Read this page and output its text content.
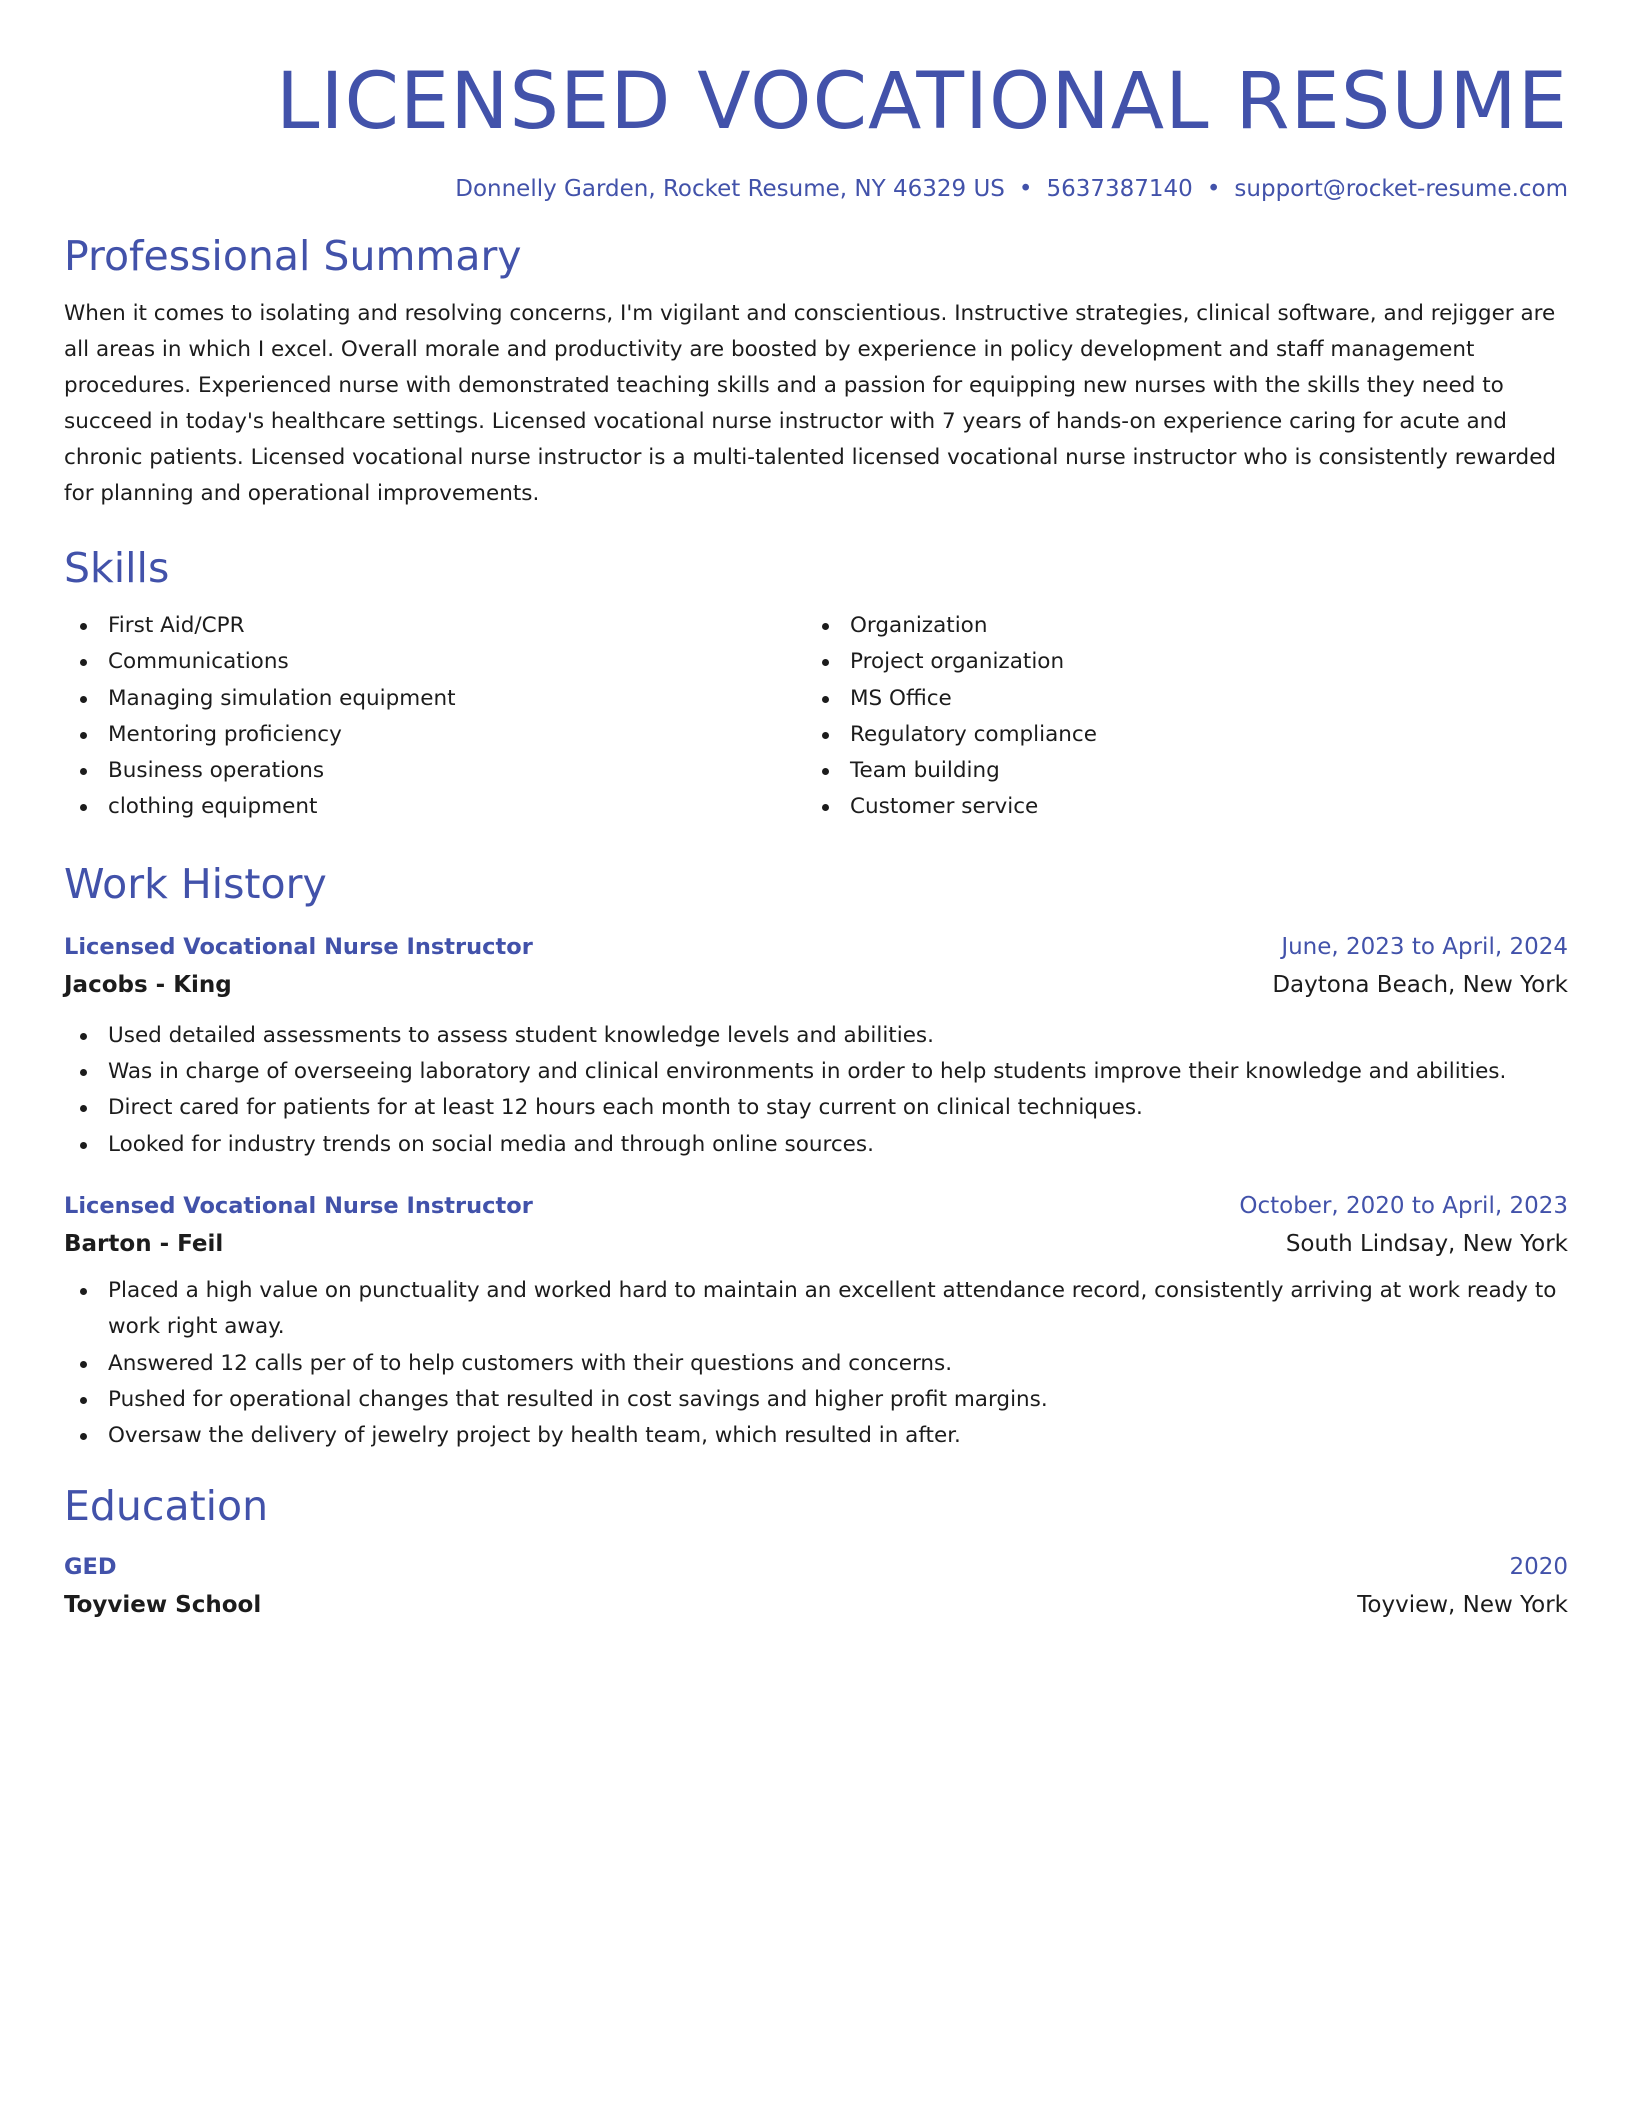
LICENSED VOCATIONAL RESUME
Donnelly Garden, Rocket Resume, NY 46329 US • 5637387140 • support@rocket-resume.com
Professional Summary
When it comes to isolating and resolving concerns, I'm vigilant and conscientious. Instructive strategies, clinical software, and rejigger are all areas in which I excel. Overall morale and productivity are boosted by experience in policy development and staff management procedures. Experienced nurse with demonstrated teaching skills and a passion for equipping new nurses with the skills they need to succeed in today's healthcare settings. Licensed vocational nurse instructor with 7 years of hands-on experience caring for acute and chronic patients. Licensed vocational nurse instructor is a multi-talented licensed vocational nurse instructor who is consistently rewarded for planning and operational improvements.
Skills
First Aid/CPR
Communications
Managing simulation equipment
Mentoring proficiency
Business operations
clothing equipment
Organization
Project organization
MS Office
Regulatory compliance
Team building
Customer service
Work History
Licensed Vocational Nurse Instructor	June, 2023 to April, 2024
Jacobs - King	Daytona Beach, New York
Used detailed assessments to assess student knowledge levels and abilities.
Was in charge of overseeing laboratory and clinical environments in order to help students improve their knowledge and abilities.
Direct cared for patients for at least 12 hours each month to stay current on clinical techniques.
Looked for industry trends on social media and through online sources.
Licensed Vocational Nurse Instructor	October, 2020 to April, 2023
Barton - Feil	South Lindsay, New York
Placed a high value on punctuality and worked hard to maintain an excellent attendance record, consistently arriving at work ready to work right away.
Answered 12 calls per of to help customers with their questions and concerns.
Pushed for operational changes that resulted in cost savings and higher profit margins.
Oversaw the delivery of jewelry project by health team, which resulted in after.
Education
GED	2020
Toyview School	Toyview, New York
